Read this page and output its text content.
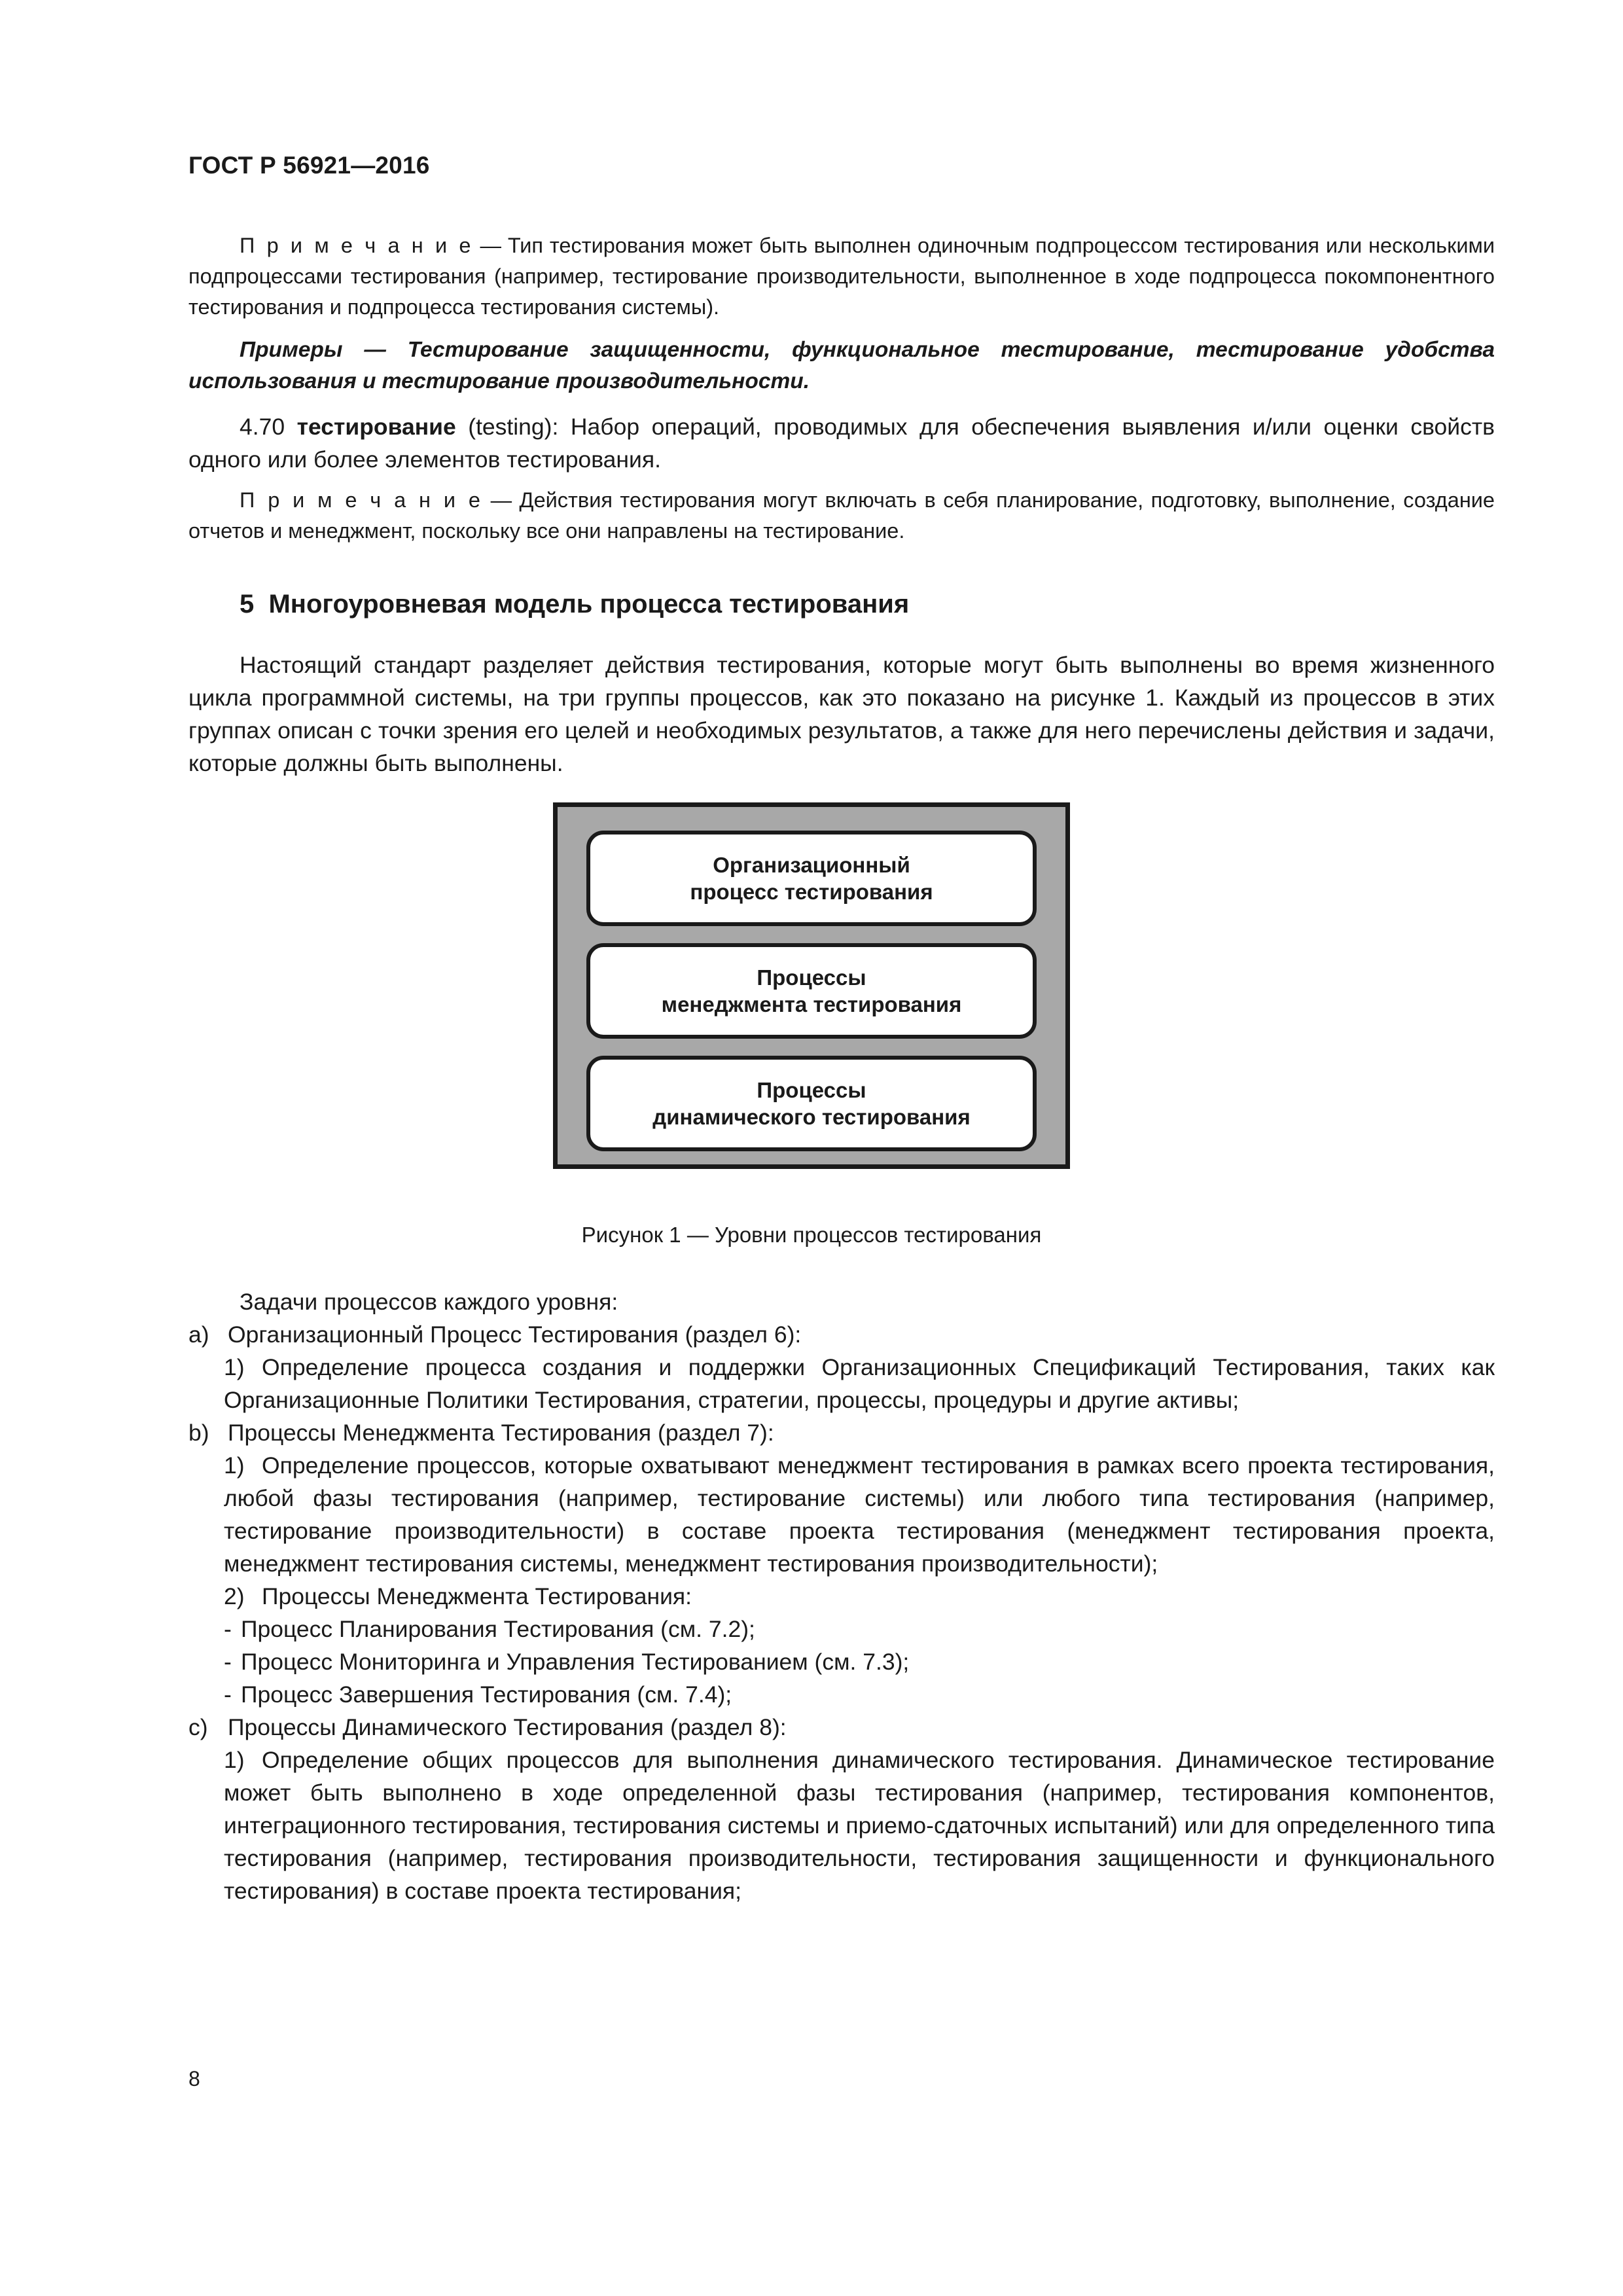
ГОСТ Р 56921—2016

П р и м е ч а н и е — Тип тестирования может быть выполнен одиночным подпроцессом тестирования или несколькими подпроцессами тестирования (например, тестирование производительности, выполненное в ходе подпроцесса покомпонентного тестирования и подпроцесса тестирования системы).

Примеры — Тестирование защищенности, функциональное тестирование, тестирование удобства использования и тестирование производительности.

4.70 тестирование (testing): Набор операций, проводимых для обеспечения выявления и/или оценки свойств одного или более элементов тестирования.

П р и м е ч а н и е — Действия тестирования могут включать в себя планирование, подготовку, выполнение, создание отчетов и менеджмент, поскольку все они направлены на тестирование.

5 Многоуровневая модель процесса тестирования

Настоящий стандарт разделяет действия тестирования, которые могут быть выполнены во время жизненного цикла программной системы, на три группы процессов, как это показано на рисунке 1. Каждый из процессов в этих группах описан с точки зрения его целей и необходимых результатов, а также для него перечислены действия и задачи, которые должны быть выполнены.

Организационный
процесс тестирования
Процессы
менеджмента тестирования
Процессы
динамического тестирования
Рисунок 1 — Уровни процессов тестирования

Задачи процессов каждого уровня:

a) Организационный Процесс Тестирования (раздел 6):

1) Определение процесса создания и поддержки Организационных Спецификаций Тестирования, таких как Организационные Политики Тестирования, стратегии, процессы, процедуры и другие активы;

b) Процессы Менеджмента Тестирования (раздел 7):

1) Определение процессов, которые охватывают менеджмент тестирования в рамках всего проекта тестирования, любой фазы тестирования (например, тестирование системы) или любого типа тестирования (например, тестирование производительности) в составе проекта тестирования (менеджмент тестирования проекта, менеджмент тестирования системы, менеджмент тестирования производительности);

2) Процессы Менеджмента Тестирования:

- Процесс Планирования Тестирования (см. 7.2);

- Процесс Мониторинга и Управления Тестированием (см. 7.3);

- Процесс Завершения Тестирования (см. 7.4);

c) Процессы Динамического Тестирования (раздел 8):

1) Определение общих процессов для выполнения динамического тестирования. Динамическое тестирование может быть выполнено в ходе определенной фазы тестирования (например, тестирования компонентов, интеграционного тестирования, тестирования системы и приемо-сдаточных испытаний) или для определенного типа тестирования (например, тестирования производительности, тестирования защищенности и функционального тестирования) в составе проекта тестирования;

8
